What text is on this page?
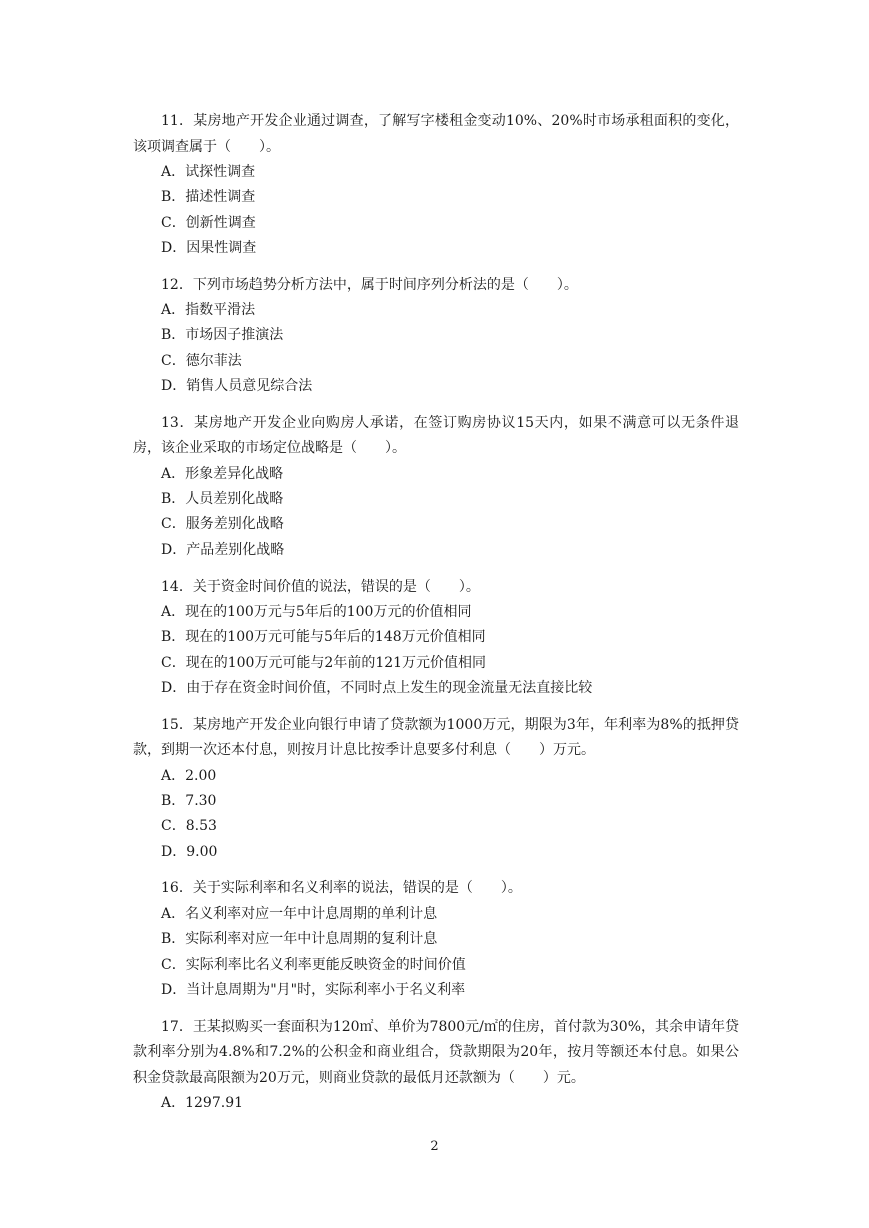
11．某房地产开发企业通过调查，了解写字楼租金变动10%、20%时市场承租面积的变化，该项调查属于（　　）。

A．试探性调查
B．描述性调查
C．创新性调查
D．因果性调查

12．下列市场趋势分析方法中，属于时间序列分析法的是（　　）。

A．指数平滑法
B．市场因子推演法
C．德尔菲法
D．销售人员意见综合法

13．某房地产开发企业向购房人承诺，在签订购房协议15天内，如果不满意可以无条件退房，该企业采取的市场定位战略是（　　）。

A．形象差异化战略
B．人员差别化战略
C．服务差别化战略
D．产品差别化战略

14．关于资金时间价值的说法，错误的是（　　）。

A．现在的100万元与5年后的100万元的价值相同
B．现在的100万元可能与5年后的148万元价值相同
C．现在的100万元可能与2年前的121万元价值相同
D．由于存在资金时间价值，不同时点上发生的现金流量无法直接比较

15．某房地产开发企业向银行申请了贷款额为1000万元，期限为3年，年利率为8%的抵押贷款，到期一次还本付息，则按月计息比按季计息要多付利息（　　）万元。

A．2.00
B．7.30
C．8.53
D．9.00

16．关于实际利率和名义利率的说法，错误的是（　　）。

A．名义利率对应一年中计息周期的单利计息
B．实际利率对应一年中计息周期的复利计息
C．实际利率比名义利率更能反映资金的时间价值
D．当计息周期为"月"时，实际利率小于名义利率

17．王某拟购买一套面积为120㎡、单价为7800元/㎡的住房，首付款为30%，其余申请年贷款利率分别为4.8%和7.2%的公积金和商业组合，贷款期限为20年，按月等额还本付息。如果公积金贷款最高限额为20万元，则商业贷款的最低月还款额为（　　）元。

A．1297.91
2
